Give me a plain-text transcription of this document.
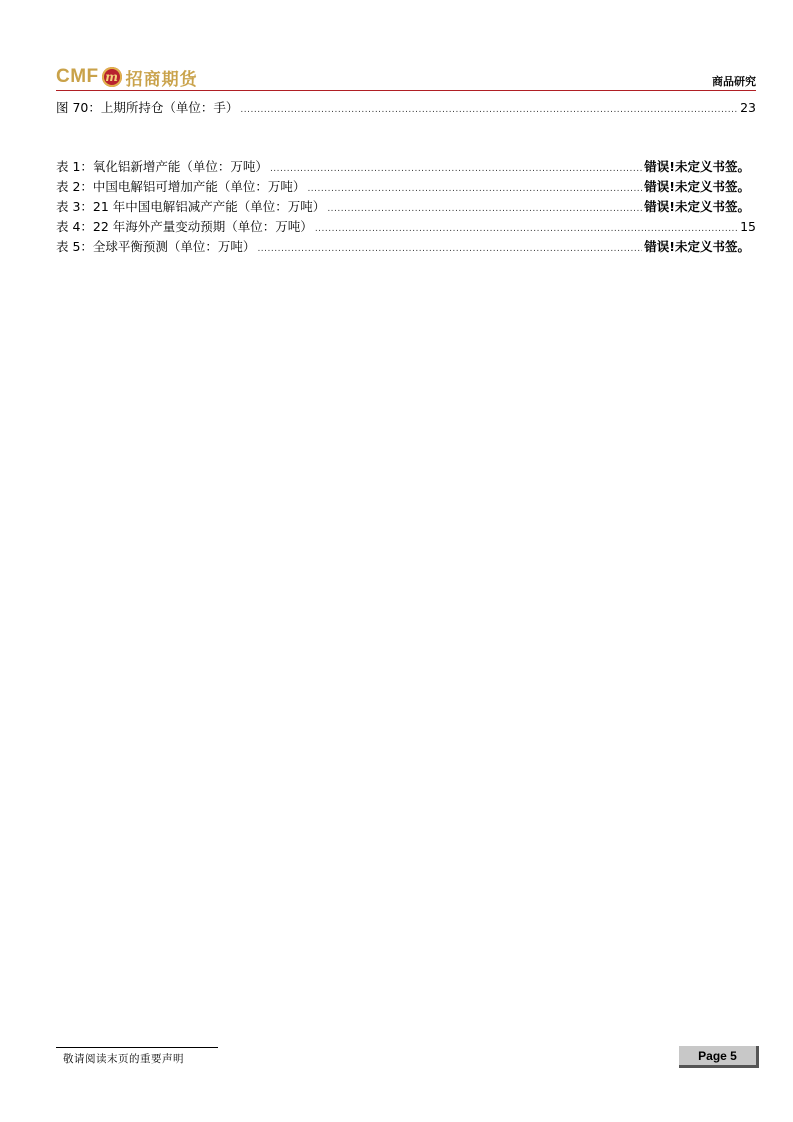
CMF m 招商期货	商品研究
图 70：上期所持仓（单位：手） .....	23
表 1：氧化铝新增产能（单位：万吨） .....	错误!未定义书签。
表 2：中国电解铝可增加产能（单位：万吨） .....	错误!未定义书签。
表 3：21 年中国电解铝减产产能（单位：万吨） .....	错误!未定义书签。
表 4：22 年海外产量变动预期（单位：万吨） .....	15
表 5：全球平衡预测（单位：万吨） .....	错误!未定义书签。
敬请阅读末页的重要声明	Page 5
